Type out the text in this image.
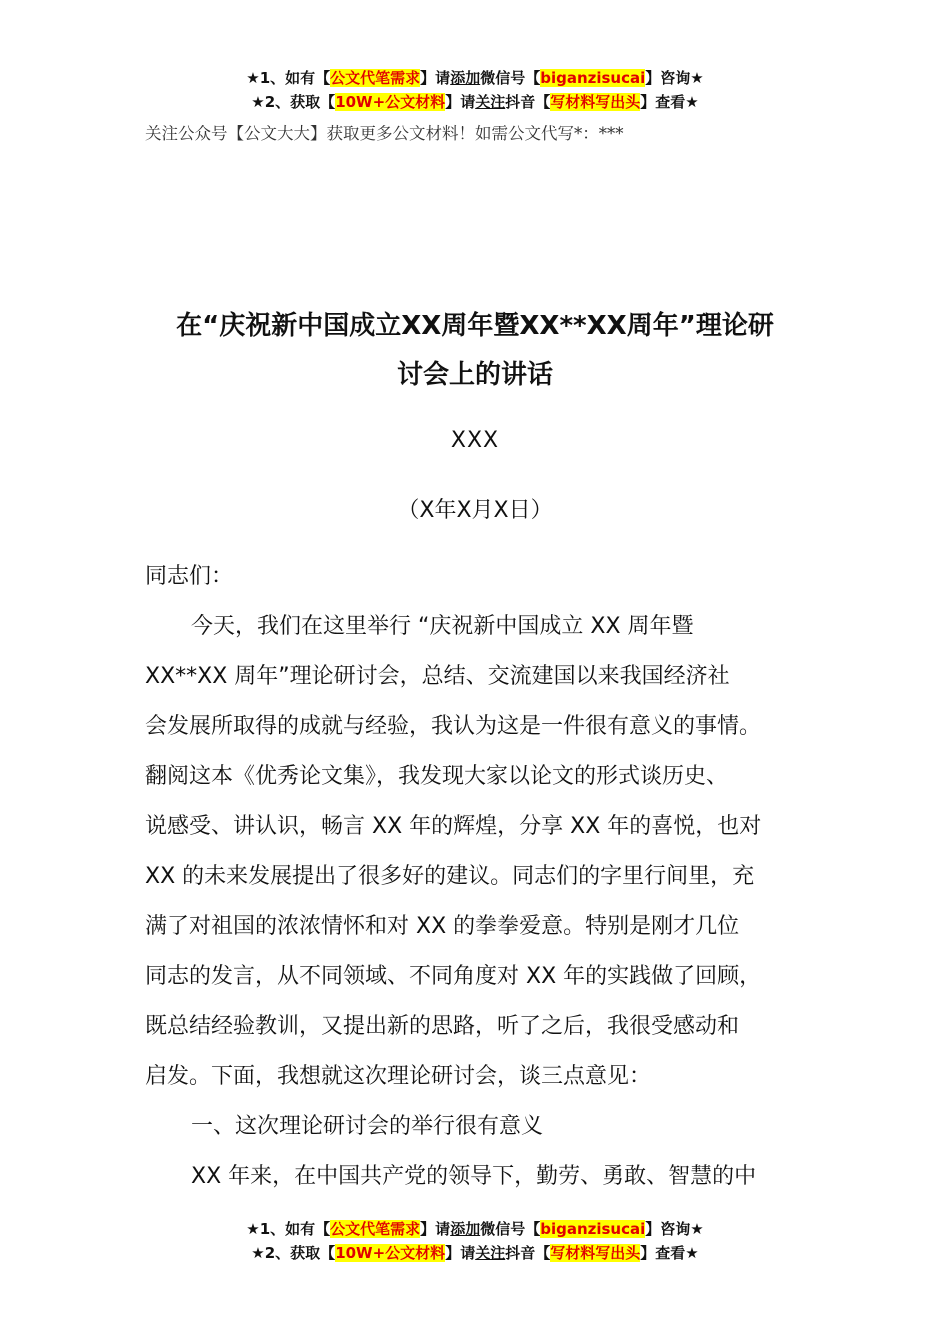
★1、如有【公文代笔需求】请添加微信号【biganzisucai】咨询★
★2、获取【10W+公文材料】请关注抖音【写材料写出头】查看★
关注公众号【公文大大】获取更多公文材料！如需公文代写*：***
在“庆祝新中国成立XX周年暨XX**XX周年”理论研
讨会上的讲话
XXX
（X年X月X日）

同志们：

今天，我们在这里举行 “庆祝新中国成立 XX 周年暨

XX**XX 周年”理论研讨会，总结、交流建国以来我国经济社

会发展所取得的成就与经验，我认为这是一件很有意义的事情。

翻阅这本《优秀论文集》，我发现大家以论文的形式谈历史、

说感受、讲认识，畅言 XX 年的辉煌，分享 XX 年的喜悦，也对

XX 的未来发展提出了很多好的建议。同志们的字里行间里，充

满了对祖国的浓浓情怀和对 XX 的拳拳爱意。特别是刚才几位

同志的发言，从不同领域、不同角度对 XX 年的实践做了回顾，

既总结经验教训，又提出新的思路，听了之后，我很受感动和

启发。下面，我想就这次理论研讨会，谈三点意见：

一、这次理论研讨会的举行很有意义

XX 年来，在中国共产党的领导下，勤劳、勇敢、智慧的中

★1、如有【公文代笔需求】请添加微信号【biganzisucai】咨询★
★2、获取【10W+公文材料】请关注抖音【写材料写出头】查看★
